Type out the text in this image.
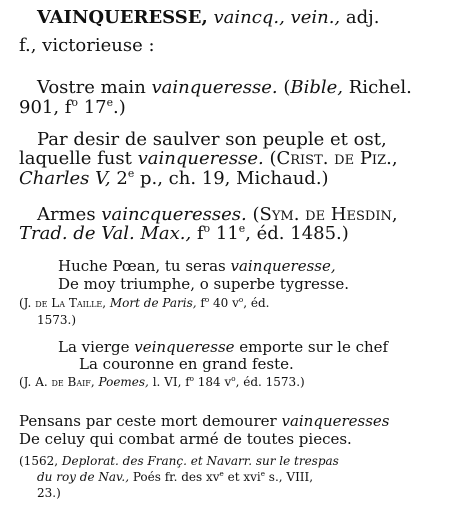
VAINQUERESSE, vaincq., vein., adj.
f., victorieuse :
Vostre main vainqueresse. (Bible, Richel.
901, $f^o$ 17e.)
Par desir de saulver son peuple et ost,
laquelle fust vainqueresse. (Crist. de Piz.,
Charles V, 2e p., ch. 19, Michaud.)
Armes vaincqueresses. (Sym. de Hesdin,
Trad. de Val. Max., $f^o$ 11e, éd. 1485.)
Huche Pœan, tu seras vainqueresse,
De moy triumphe, o superbe tygresse.
(J. de La Taille, Mort de Paris, $f^o$ 40 $v^o$, éd.
1573.)
La vierge veinqueresse emporte sur le chef
La couronne en grand feste.
(J. A. de Baif, Poemes, l. VI, $f^o$ 184 $v^o$, éd. 1573.)
Pensans par ceste mort demourer vainqueresses
De celuy qui combat armé de toutes pieces.
(1562, Deplorat. des Franç. et Navarr. sur le trespas
du roy de Nav., Poés fr. des $xv^e$ et xvi$^e$ s., VIII,
23.)
